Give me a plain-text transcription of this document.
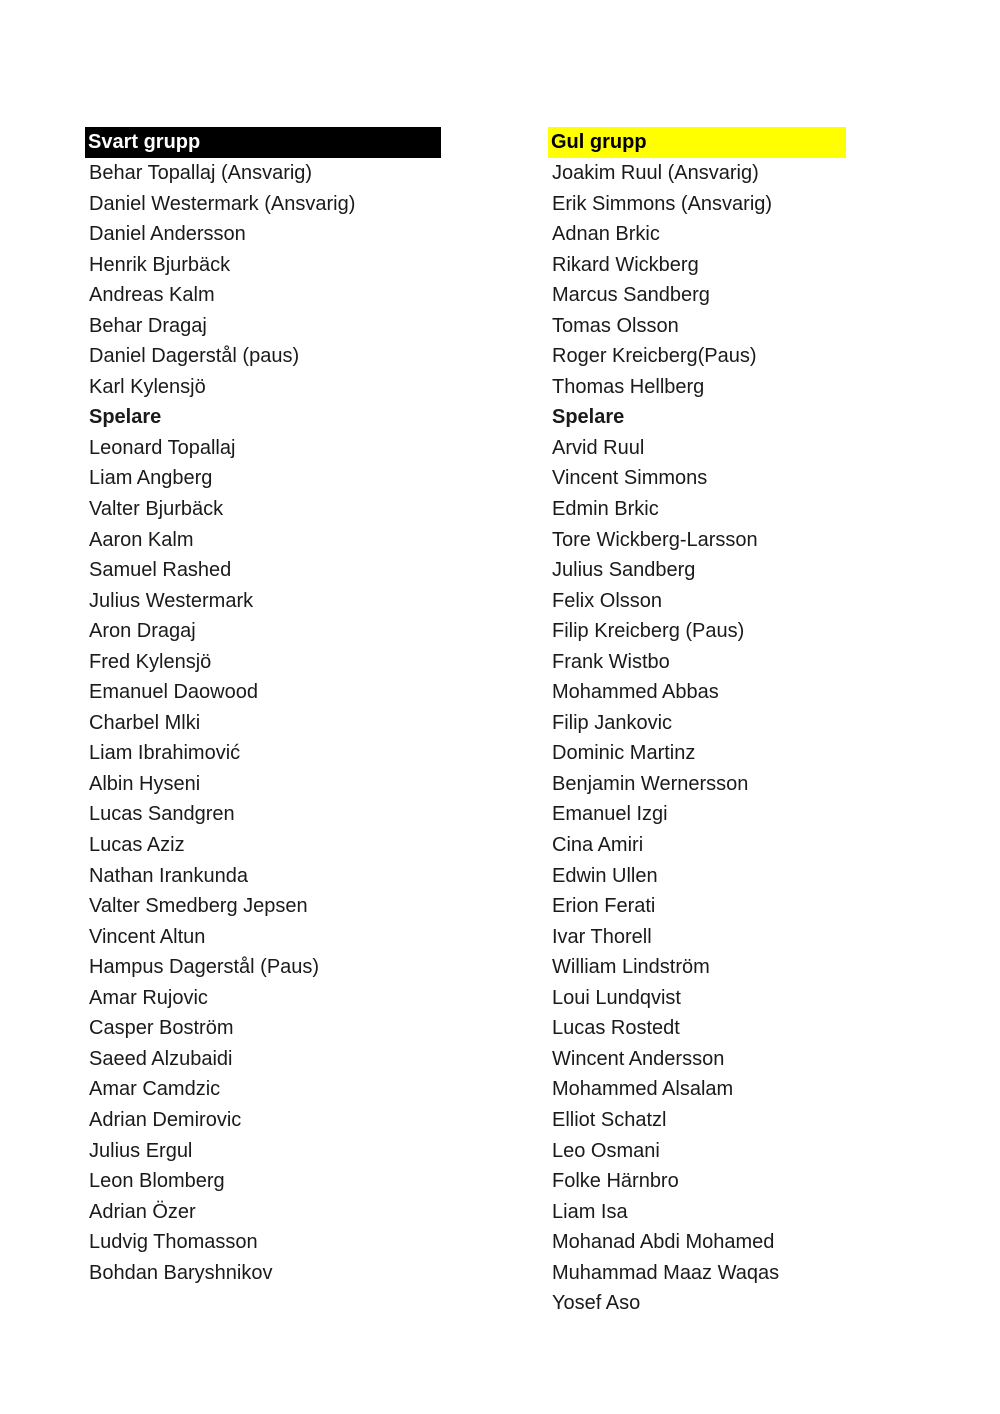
Svart grupp
Behar Topallaj (Ansvarig)
Daniel Westermark (Ansvarig)
Daniel Andersson
Henrik Bjurbäck
Andreas Kalm
Behar Dragaj
Daniel Dagerstål (paus)
Karl Kylensjö
Spelare
Leonard Topallaj
Liam Angberg
Valter Bjurbäck
Aaron Kalm
Samuel Rashed
Julius Westermark
Aron Dragaj
Fred Kylensjö
Emanuel Daowood
Charbel Mlki
Liam Ibrahimović
Albin Hyseni
Lucas Sandgren
Lucas Aziz
Nathan Irankunda
Valter Smedberg Jepsen
Vincent Altun
Hampus Dagerstål (Paus)
Amar Rujovic
Casper Boström
Saeed Alzubaidi
Amar Camdzic
Adrian Demirovic
Julius Ergul
Leon Blomberg
Adrian Özer
Ludvig Thomasson
Bohdan Baryshnikov
Gul grupp
Joakim Ruul (Ansvarig)
Erik Simmons (Ansvarig)
Adnan Brkic
Rikard Wickberg
Marcus Sandberg
Tomas Olsson
Roger Kreicberg(Paus)
Thomas Hellberg
Spelare
Arvid Ruul
Vincent Simmons
Edmin Brkic
Tore Wickberg-Larsson
Julius Sandberg
Felix Olsson
Filip Kreicberg (Paus)
Frank Wistbo
Mohammed Abbas
Filip Jankovic
Dominic Martinz
Benjamin Wernersson
Emanuel Izgi
Cina Amiri
Edwin Ullen
Erion Ferati
Ivar Thorell
William Lindström
Loui Lundqvist
Lucas Rostedt
Wincent Andersson
Mohammed Alsalam
Elliot Schatzl
Leo Osmani
Folke Härnbro
Liam Isa
Mohanad Abdi Mohamed
Muhammad Maaz Waqas
Yosef Aso
